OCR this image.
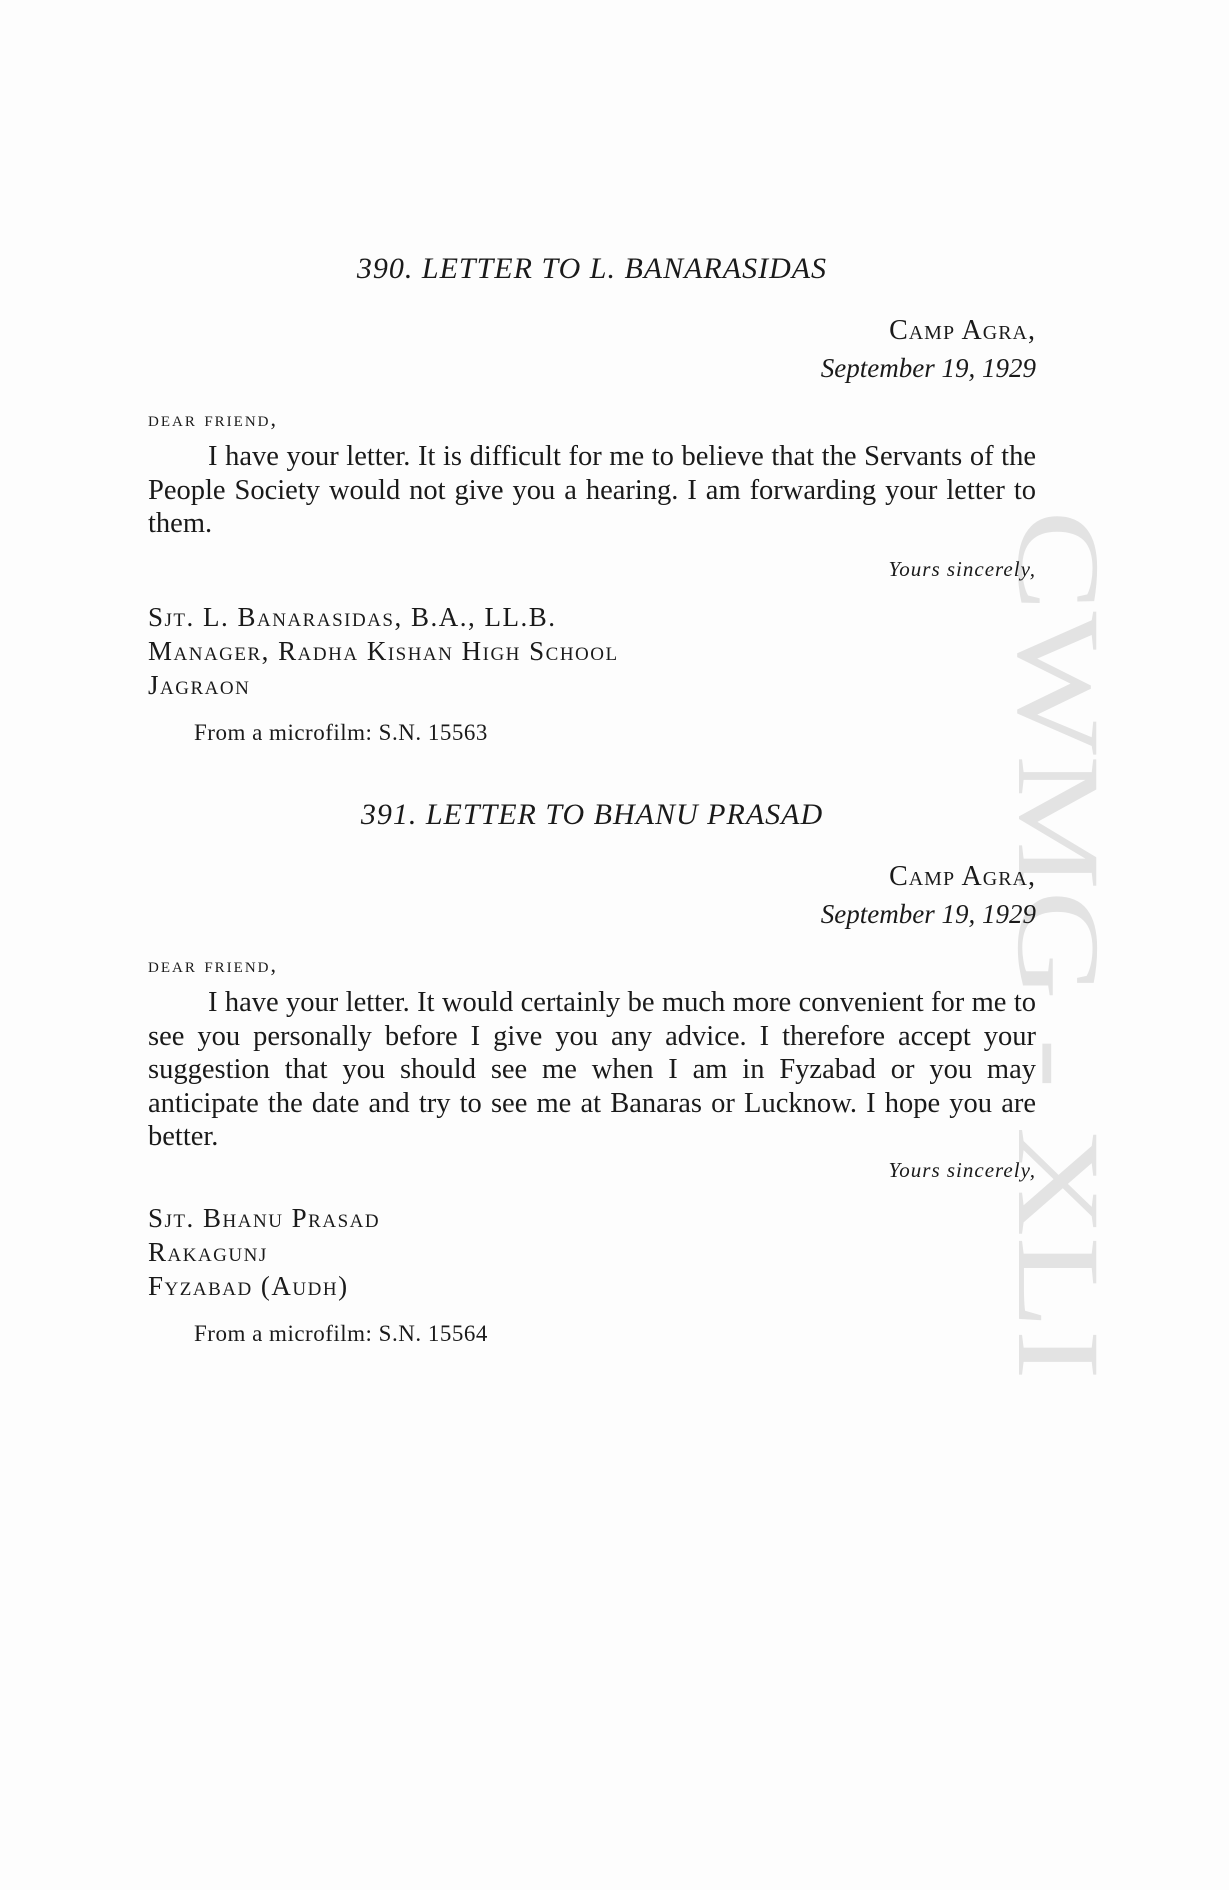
CWMG - XLI
390. LETTER TO L. BANARASIDAS
Camp Agra,
September 19, 1929
dear friend,

I have your letter. It is difficult for me to believe that the Servants of the People Society would not give you a hearing. I am forwarding your letter to them.

Yours sincerely,
Sjt. L. Banarasidas, B.A., LL.B.
Manager, Radha Kishan High School
Jagraon
From a microfilm: S.N. 15563
391. LETTER TO BHANU PRASAD
Camp Agra,
September 19, 1929
dear friend,

I have your letter. It would certainly be much more convenient for me to see you personally before I give you any advice. I therefore accept your suggestion that you should see me when I am in Fyzabad or you may anticipate the date and try to see me at Banaras or Lucknow. I hope you are better.

Yours sincerely,
Sjt. Bhanu Prasad
Rakagunj
Fyzabad (Audh)
From a microfilm: S.N. 15564
